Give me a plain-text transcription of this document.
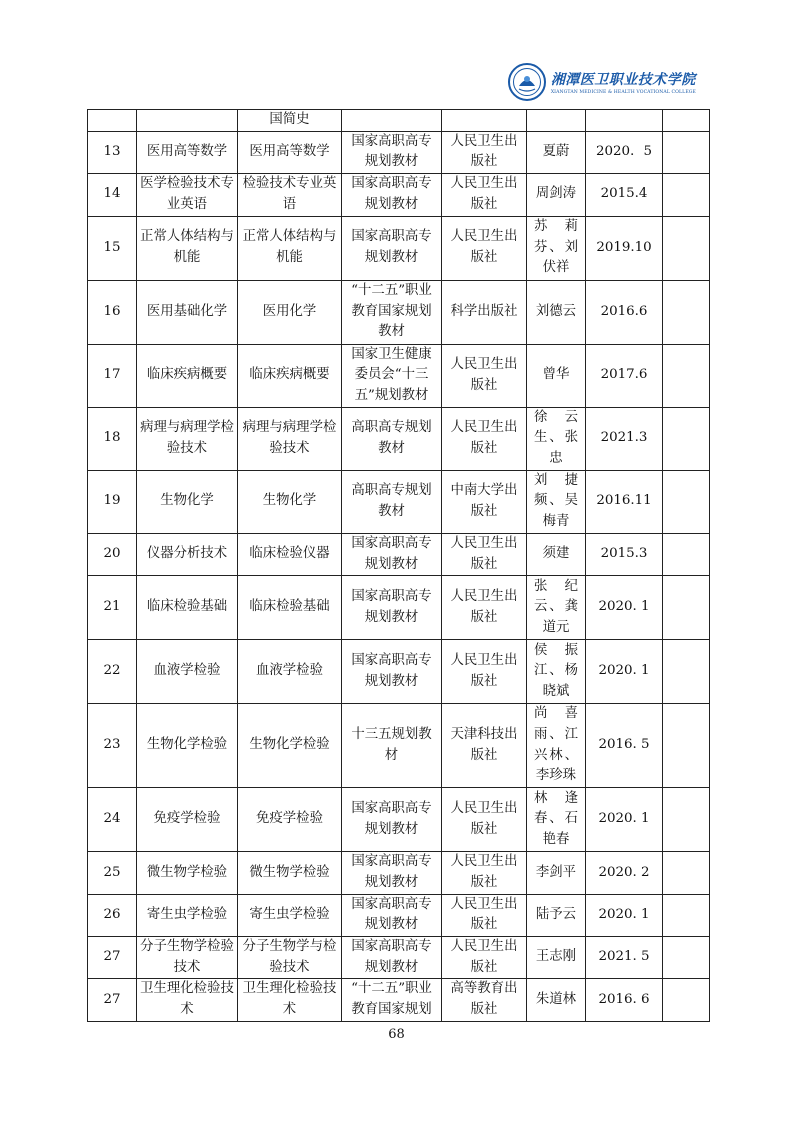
湘潭医卫职业技术学院
XIANGTAN MEDICINE & HEALTH VOCATIONAL COLLEGE
		国简史					
13	医用高等数学	医用高等数学	国家高职高专规划教材	人民卫生出版社	夏蔚	2020．5	
14	医学检验技术专业英语	检验技术专业英语	国家高职高专规划教材	人民卫生出版社	周剑涛	2015.4	
15	正常人体结构与机能	正常人体结构与机能	国家高职高专规划教材	人民卫生出版社	苏莉芬、刘伏祥	2019.10	
16	医用基础化学	医用化学	“十二五”职业教育国家规划教材	科学出版社	刘德云	2016.6	
17	临床疾病概要	临床疾病概要	国家卫生健康委员会“十三五”规划教材	人民卫生出版社	曾华	2017.6	
18	病理与病理学检验技术	病理与病理学检验技术	高职高专规划教材	人民卫生出版社	徐云生、张忠	2021.3	
19	生物化学	生物化学	高职高专规划教材	中南大学出版社	刘捷频、吴梅青	2016.11	
20	仪器分析技术	临床检验仪器	国家高职高专规划教材	人民卫生出版社	须建	2015.3	
21	临床检验基础	临床检验基础	国家高职高专规划教材	人民卫生出版社	张纪云、龚道元	2020. 1	
22	血液学检验	血液学检验	国家高职高专规划教材	人民卫生出版社	侯振江、杨晓斌	2020. 1	
23	生物化学检验	生物化学检验	十三五规划教材	天津科技出版社	尚喜雨、江兴林、李珍珠	2016. 5	
24	免疫学检验	免疫学检验	国家高职高专规划教材	人民卫生出版社	林逢春、石艳春	2020. 1	
25	微生物学检验	微生物学检验	国家高职高专规划教材	人民卫生出版社	李剑平	2020. 2	
26	寄生虫学检验	寄生虫学检验	国家高职高专规划教材	人民卫生出版社	陆予云	2020. 1	
27	分子生物学检验技术	分子生物学与检验技术	国家高职高专规划教材	人民卫生出版社	王志刚	2021. 5	
27	卫生理化检验技术	卫生理化检验技术	“十二五”职业教育国家规划	高等教育出版社	朱道林	2016. 6	
68
